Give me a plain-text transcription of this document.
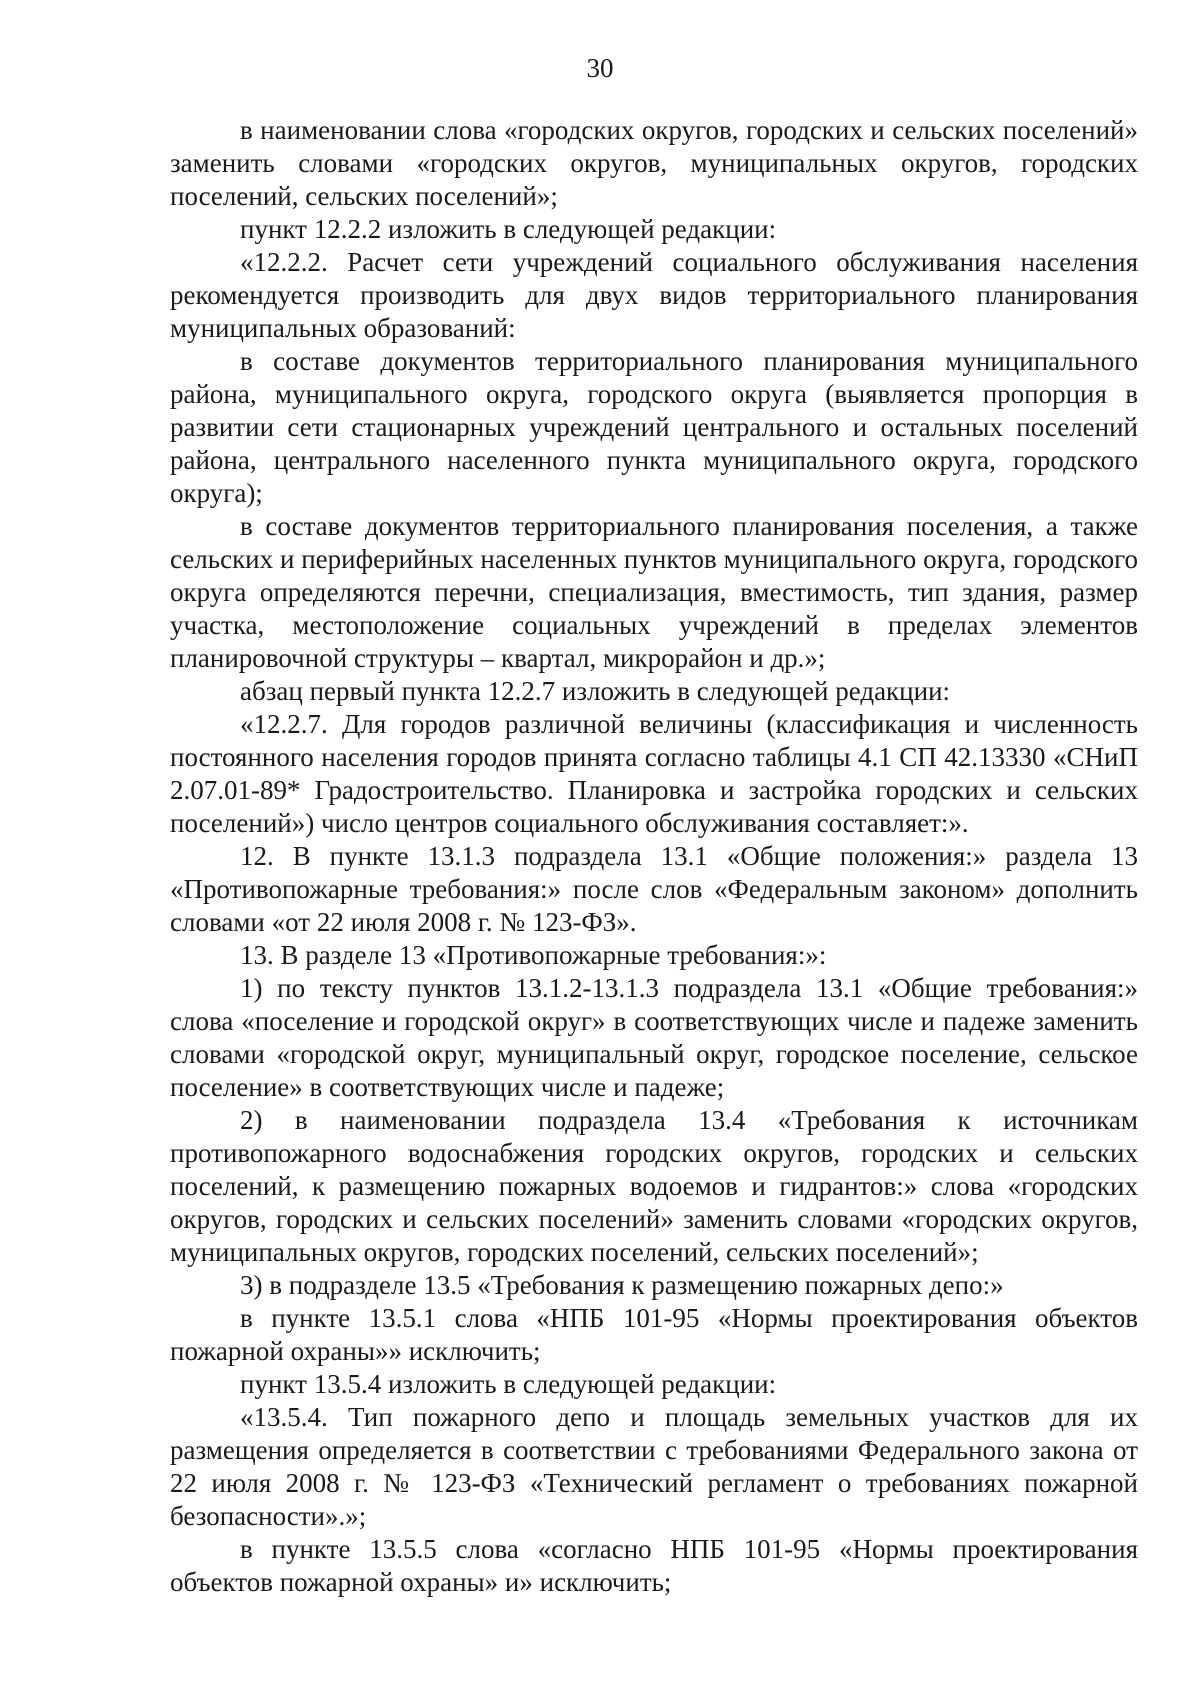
30

в наименовании слова «городских округов, городских и сельских поселений» заменить словами «городских округов, муниципальных округов, городских поселений, сельских поселений»;

пункт 12.2.2 изложить в следующей редакции:

«12.2.2. Расчет сети учреждений социального обслуживания населения рекомендуется производить для двух видов территориального планирования муниципальных образований:

в составе документов территориального планирования муниципального района, муниципального округа, городского округа (выявляется пропорция в развитии сети стационарных учреждений центрального и остальных поселений района, центрального населенного пункта муниципального округа, городского округа);

в составе документов территориального планирования поселения, а также сельских и периферийных населенных пунктов муниципального округа, городского округа определяются перечни, специализация, вместимость, тип здания, размер участка, местоположение социальных учреждений в пределах элементов планировочной структуры – квартал, микрорайон и др.»;

абзац первый пункта 12.2.7 изложить в следующей редакции:

«12.2.7. Для городов различной величины (классификация и численность постоянного населения городов принята согласно таблицы 4.1 СП 42.13330 «СНиП 2.07.01-89* Градостроительство. Планировка и застройка городских и сельских поселений») число центров социального обслуживания составляет:».

12. В пункте 13.1.3 подраздела 13.1 «Общие положения:» раздела 13 «Противопожарные требования:» после слов «Федеральным законом» дополнить словами «от 22 июля 2008 г. № 123-ФЗ».

13. В разделе 13 «Противопожарные требования:»:

1) по тексту пунктов 13.1.2-13.1.3 подраздела 13.1 «Общие требования:» слова «поселение и городской округ» в соответствующих числе и падеже заменить словами «городской округ, муниципальный округ, городское поселение, сельское поселение» в соответствующих числе и падеже;

2) в наименовании подраздела 13.4 «Требования к источникам противопожарного водоснабжения городских округов, городских и сельских поселений, к размещению пожарных водоемов и гидрантов:» слова «городских округов, городских и сельских поселений» заменить словами «городских округов, муниципальных округов, городских поселений, сельских поселений»;

3) в подразделе 13.5 «Требования к размещению пожарных депо:»

в пункте 13.5.1 слова «НПБ 101-95 «Нормы проектирования объектов пожарной охраны»» исключить;

пункт 13.5.4 изложить в следующей редакции:

«13.5.4. Тип пожарного депо и площадь земельных участков для их размещения определяется в соответствии с требованиями Федерального закона от 22 июля 2008 г. № 123-ФЗ «Технический регламент о требованиях пожарной безопасности».»;

в пункте 13.5.5 слова «согласно НПБ 101-95 «Нормы проектирования объектов пожарной охраны» и» исключить;
